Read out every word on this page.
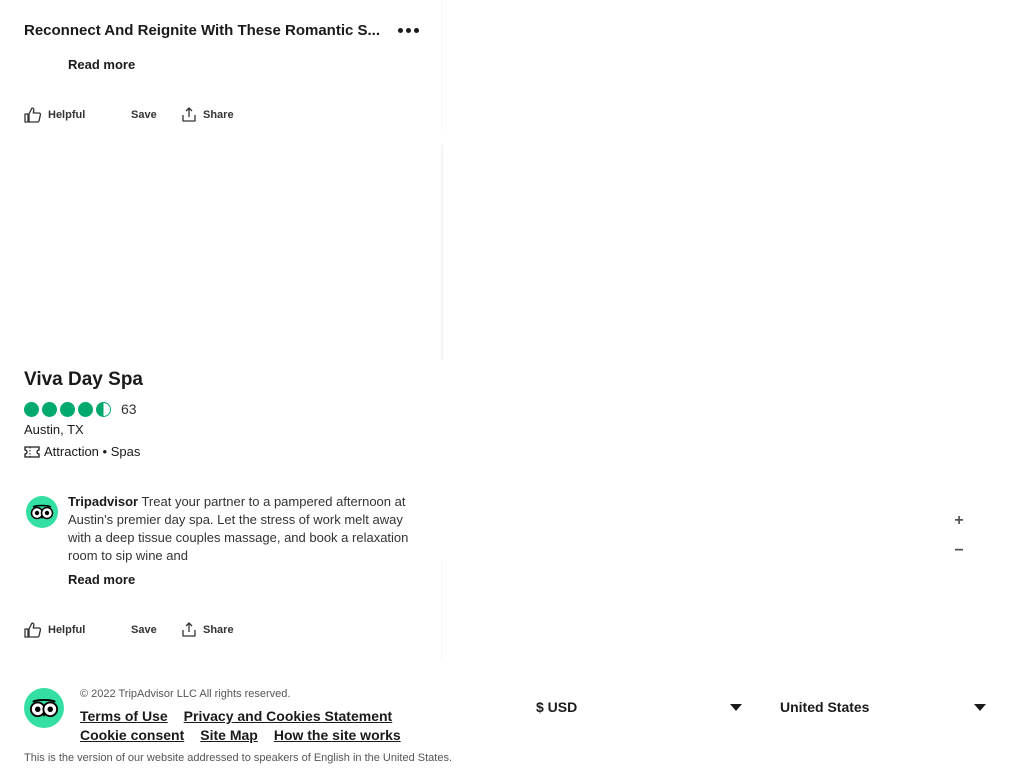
Reconnect And Reignite With These Romantic S...
Read more
Helpful	Save	Share
Viva Day Spa
63
Austin, TX
Attraction • Spas
Tripadvisor Treat your partner to a pampered afternoon at Austin's premier day spa. Let the stress of work melt away with a deep tissue couples massage, and book a relaxation room to sip wine and
Read more
Helpful	Save	Share
+
−
© 2022 TripAdvisor LLC All rights reserved.
Terms of Use Privacy and Cookies Statement
Cookie consent Site Map How the site works
This is the version of our website addressed to speakers of English in the United States.
$ USD	United States
